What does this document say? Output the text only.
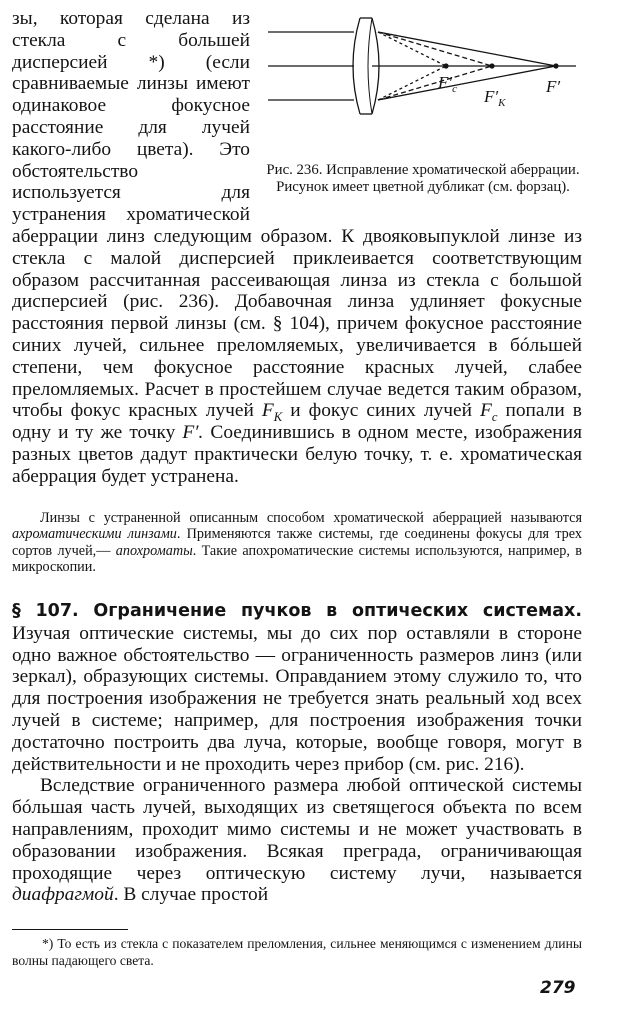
$F'_c$ $F'_K$
F′
Рис. 236. Исправление хроматической аберрации. Рисунок имеет цветной дубликат (см. форзац).

зы, которая сделана из стекла с большей дисперсией *) (если сравниваемые линзы имеют одинаковое фокусное расстояние для лучей какого-либо цвета). Это обстоятельство используется для устранения хроматической аберрации линз следующим образом. К двояковыпуклой линзе из стекла с малой дисперсией приклеивается соответствующим образом рассчитанная рассеивающая линза из стекла с большой дисперсией (рис. 236). Добавочная линза удлиняет фокусные расстояния первой линзы (см. § 104), причем фокусное расстояние синих лучей, сильнее преломляемых, увеличивается в бóльшей степени, чем фокусное расстояние красных лучей, слабее преломляемых. Расчет в простейшем случае ведется таким образом, чтобы фокус красных лучей $F_K$ и фокус синих лучей $F_c$ попали в одну и ту же точку F′. Соединившись в одном месте, изображения разных цветов дадут практически белую точку, т. е. хроматическая аберрация будет устранена.

Линзы с устраненной описанным способом хроматической аберрацией называются ахроматическими линзами. Применяются также системы, где соединены фокусы для трех сортов лучей,— апохроматы. Такие апохроматические системы используются, например, в микроскопии.

§ 107. Ограничение пучков в оптических системах. Изучая оптические системы, мы до сих пор оставляли в стороне одно важное обстоятельство — ограниченность размеров линз (или зеркал), образующих системы. Оправданием этому служило то, что для построения изображения не требуется знать реальный ход всех лучей в системе; например, для построения изображения точки достаточно построить два луча, которые, вообще говоря, могут в действительности и не проходить через прибор (см. рис. 216).

Вследствие ограниченного размера любой оптической системы бóльшая часть лучей, выходящих из светящегося объекта по всем направлениям, проходит мимо системы и не может участвовать в образовании изображения. Всякая преграда, ограничивающая проходящие через оптическую систему лучи, называется диафрагмой. В случае простой

*) То есть из стекла с показателем преломления, сильнее меняющимся с изменением длины волны падающего света.
279
